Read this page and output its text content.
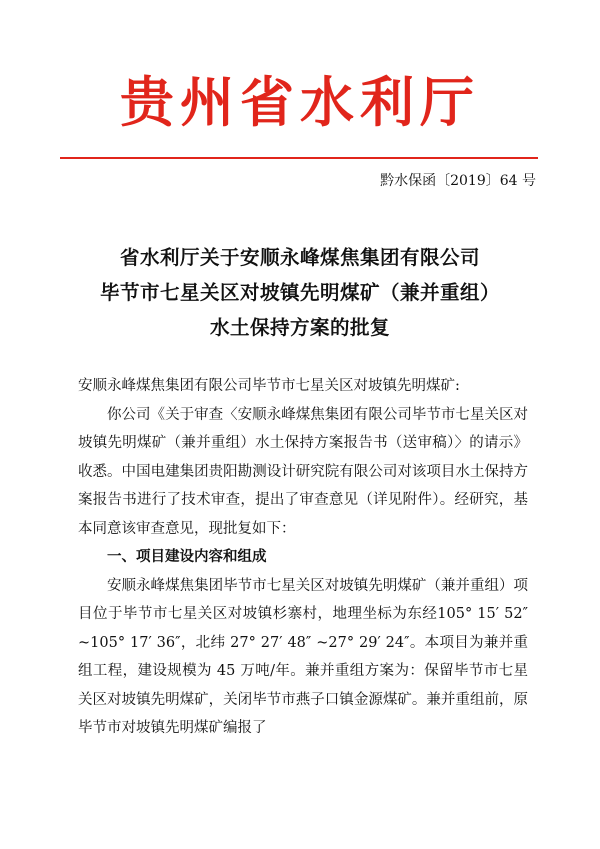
贵州省水利厅
黔水保函〔2019〕64 号
省水利厅关于安顺永峰煤焦集团有限公司
毕节市七星关区对坡镇先明煤矿（兼并重组）
水土保持方案的批复

安顺永峰煤焦集团有限公司毕节市七星关区对坡镇先明煤矿:

你公司《关于审查〈安顺永峰煤焦集团有限公司毕节市七星关区对坡镇先明煤矿（兼并重组）水土保持方案报告书（送审稿）〉的请示》收悉。中国电建集团贵阳勘测设计研究院有限公司对该项目水土保持方案报告书进行了技术审查，提出了审查意见（详见附件）。经研究，基本同意该审查意见，现批复如下：

一、项目建设内容和组成

安顺永峰煤焦集团毕节市七星关区对坡镇先明煤矿（兼并重组）项目位于毕节市七星关区对坡镇杉寨村，地理坐标为东经105° 15′ 52″ ~105° 17′ 36″，北纬 27° 27′ 48″ ~27° 29′ 24″。本项目为兼并重组工程，建设规模为 45 万吨/年。兼并重组方案为：保留毕节市七星关区对坡镇先明煤矿，关闭毕节市燕子口镇金源煤矿。兼并重组前，原毕节市对坡镇先明煤矿编报了
